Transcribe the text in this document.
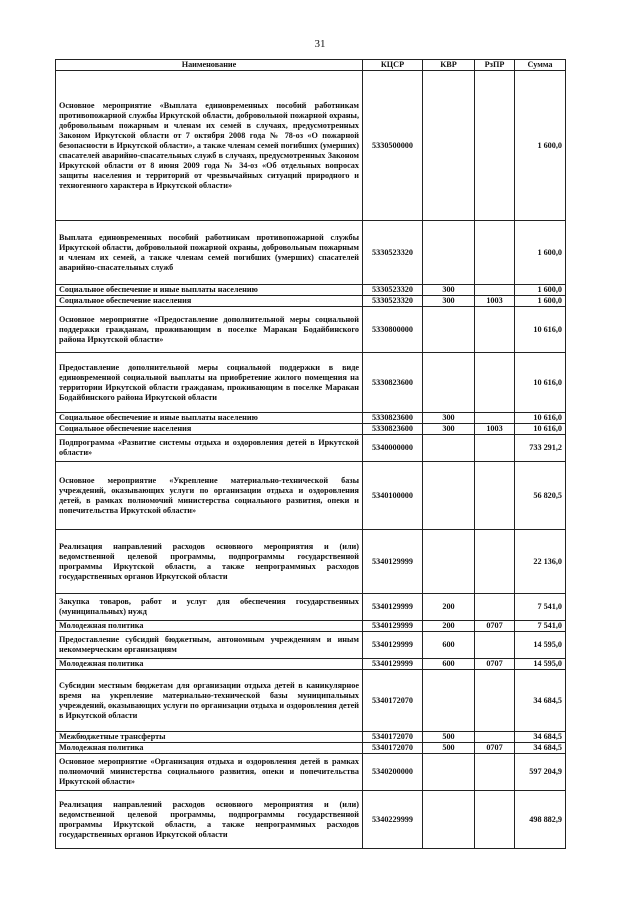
31
Наименование	КЦСР	КВР	РзПР	Сумма
Основное мероприятие «Выплата единовременных пособий работникам противопожарной службы Иркутской области, добровольной пожарной охраны, добровольным пожарным и членам их семей в случаях, предусмотренных Законом Иркутской области от 7 октября 2008 года № 78-оз «О пожарной безопасности в Иркутской области», а также членам семей погибших (умерших) спасателей аварийно-спасательных служб в случаях, предусмотренных Законом Иркутской области от 8 июня 2009 года № 34-оз «Об отдельных вопросах защиты населения и территорий от чрезвычайных ситуаций природного и техногенного характера в Иркутской области»	5330500000			1 600,0
Выплата единовременных пособий работникам противопожарной службы Иркутской области, добровольной пожарной охраны, добровольным пожарным и членам их семей, а также членам семей погибших (умерших) спасателей аварийно-спасательных служб	5330523320			1 600,0
Социальное обеспечение и иные выплаты населению	5330523320	300		1 600,0
Социальное обеспечение населения	5330523320	300	1003	1 600,0
Основное мероприятие «Предоставление дополнительной меры социальной поддержки гражданам, проживающим в поселке Маракан Бодайбинского района Иркутской области»	5330800000			10 616,0
Предоставление дополнительной меры социальной поддержки в виде единовременной социальной выплаты на приобретение жилого помещения на территории Иркутской области гражданам, проживающим в поселке Маракан Бодайбинского района Иркутской области	5330823600			10 616,0
Социальное обеспечение и иные выплаты населению	5330823600	300		10 616,0
Социальное обеспечение населения	5330823600	300	1003	10 616,0
Подпрограмма «Развитие системы отдыха и оздоровления детей в Иркутской области»	5340000000			733 291,2
Основное мероприятие «Укрепление материально-технической базы учреждений, оказывающих услуги по организации отдыха и оздоровления детей, в рамках полномочий министерства социального развития, опеки и попечительства Иркутской области»	5340100000			56 820,5
Реализация направлений расходов основного мероприятия и (или) ведомственной целевой программы, подпрограммы государственной программы Иркутской области, а также непрограммных расходов государственных органов Иркутской области	5340129999			22 136,0
Закупка товаров, работ и услуг для обеспечения государственных (муниципальных) нужд	5340129999	200		7 541,0
Молодежная политика	5340129999	200	0707	7 541,0
Предоставление субсидий бюджетным, автономным учреждениям и иным некоммерческим организациям	5340129999	600		14 595,0
Молодежная политика	5340129999	600	0707	14 595,0
Субсидии местным бюджетам для организации отдыха детей в каникулярное время на укрепление материально-технической базы муниципальных учреждений, оказывающих услуги по организации отдыха и оздоровления детей в Иркутской области	5340172070			34 684,5
Межбюджетные трансферты	5340172070	500		34 684,5
Молодежная политика	5340172070	500	0707	34 684,5
Основное мероприятие «Организация отдыха и оздоровления детей в рамках полномочий министерства социального развития, опеки и попечительства Иркутской области»	5340200000			597 204,9
Реализация направлений расходов основного мероприятия и (или) ведомственной целевой программы, подпрограммы государственной программы Иркутской области, а также непрограммных расходов государственных органов Иркутской области	5340229999			498 882,9
